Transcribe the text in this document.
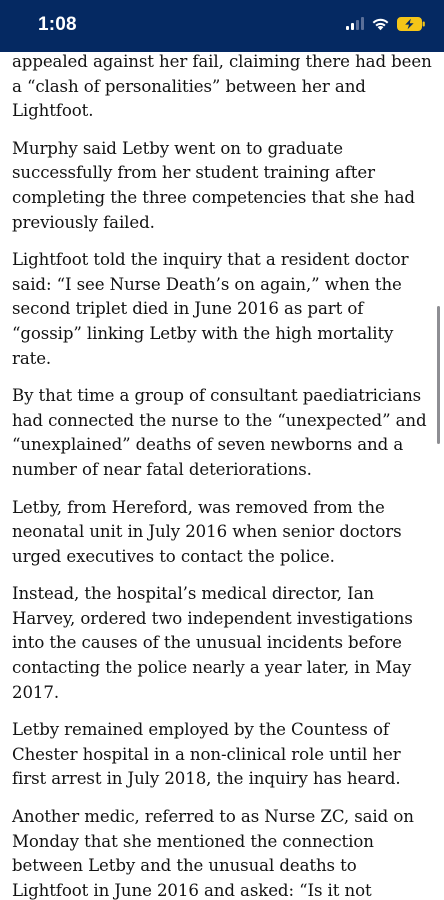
1:08

appealed against her fail, claiming there had been a “clash of personalities” between her and Lightfoot.

Murphy said Letby went on to graduate successfully from her student training after completing the three competencies that she had previously failed.

Lightfoot told the inquiry that a resident doctor said: “I see Nurse Death’s on again,” when the second triplet died in June 2016 as part of “gossip” linking Letby with the high mortality rate.

By that time a group of consultant paediatricians had connected the nurse to the “unexpected” and “unexplained” deaths of seven newborns and a number of near fatal deteriorations.

Letby, from Hereford, was removed from the neonatal unit in July 2016 when senior doctors urged executives to contact the police.

Instead, the hospital’s medical director, Ian Harvey, ordered two independent investigations into the causes of the unusual incidents before contacting the police nearly a year later, in May 2017.

Letby remained employed by the Countess of Chester hospital in a non-clinical role until her first arrest in July 2018, the inquiry has heard.

Another medic, referred to as Nurse ZC, said on Monday that she mentioned the connection between Letby and the unusual deaths to Lightfoot in June 2016 and asked: “Is it not
